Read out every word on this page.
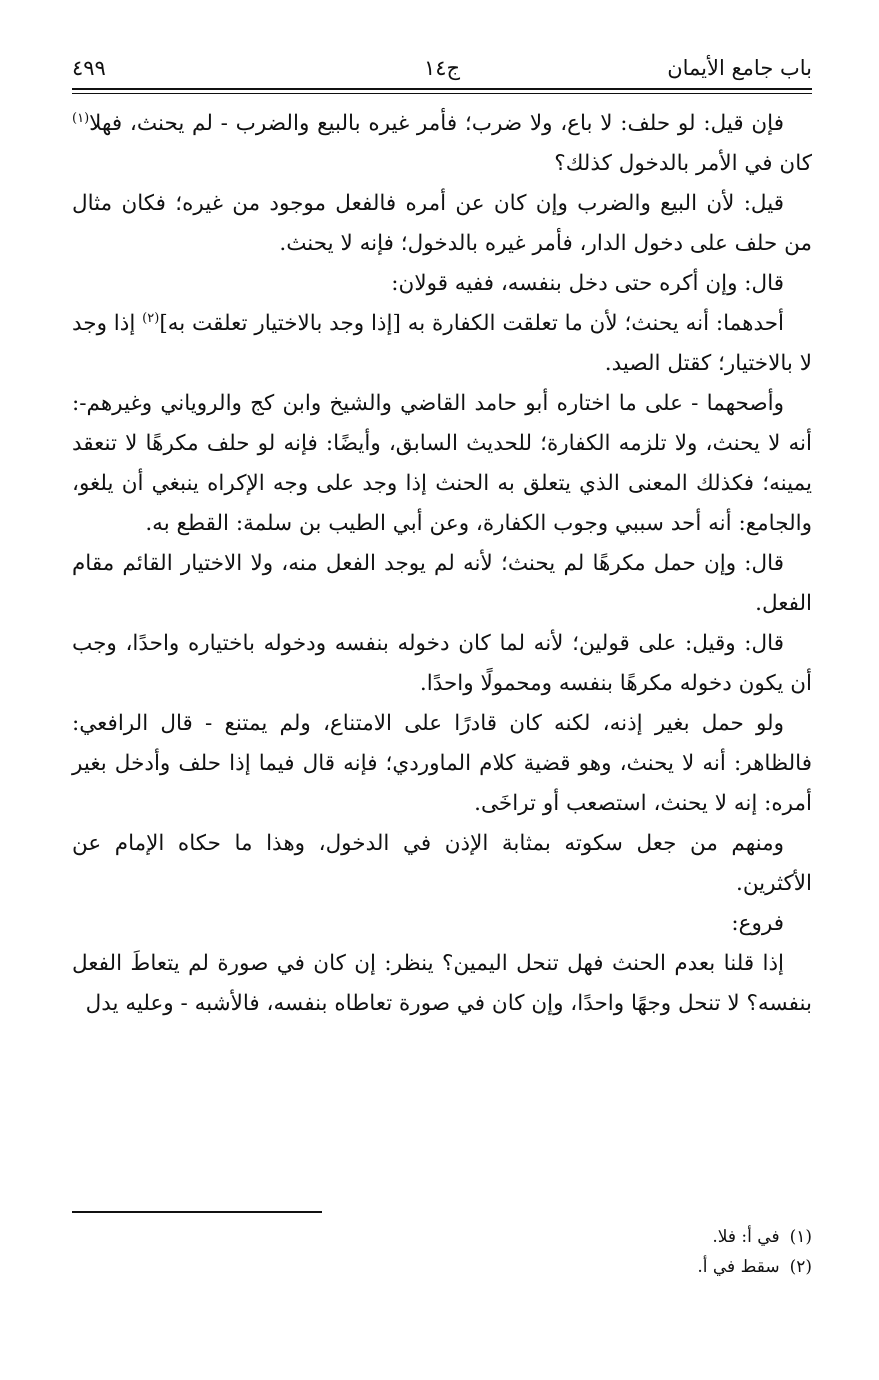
باب جامع الأيمان
ج١٤
٤٩٩

فإن قيل: لو حلف: لا باع، ولا ضرب؛ فأمر غيره بالبيع والضرب - لم يحنث، فهلا$^{(١)}$ كان في الأمر بالدخول كذلك؟

قيل: لأن البيع والضرب وإن كان عن أمره فالفعل موجود من غيره؛ فكان مثال من حلف على دخول الدار، فأمر غيره بالدخول؛ فإنه لا يحنث.

قال: وإن أكره حتى دخل بنفسه، ففيه قولان:

أحدهما: أنه يحنث؛ لأن ما تعلقت الكفارة به [إذا وجد بالاختيار تعلقت به]$^{(٢)}$ إذا وجد لا بالاختيار؛ كقتل الصيد.

وأصحهما - على ما اختاره أبو حامد القاضي والشيخ وابن كج والروياني وغيرهم-: أنه لا يحنث، ولا تلزمه الكفارة؛ للحديث السابق، وأيضًا: فإنه لو حلف مكرهًا لا تنعقد يمينه؛ فكذلك المعنى الذي يتعلق به الحنث إذا وجد على وجه الإكراه ينبغي أن يلغو، والجامع: أنه أحد سببي وجوب الكفارة، وعن أبي الطيب بن سلمة: القطع به.

قال: وإن حمل مكرهًا لم يحنث؛ لأنه لم يوجد الفعل منه، ولا الاختيار القائم مقام الفعل.

قال: وقيل: على قولين؛ لأنه لما كان دخوله بنفسه ودخوله باختياره واحدًا، وجب أن يكون دخوله مكرهًا بنفسه ومحمولًا واحدًا.

ولو حمل بغير إذنه، لكنه كان قادرًا على الامتناع، ولم يمتنع - قال الرافعي: فالظاهر: أنه لا يحنث، وهو قضية كلام الماوردي؛ فإنه قال فيما إذا حلف وأدخل بغير أمره: إنه لا يحنث، استصعب أو تراخَى.

ومنهم من جعل سكوته بمثابة الإذن في الدخول، وهذا ما حكاه الإمام عن الأكثرين.

فروع:

إذا قلنا بعدم الحنث فهل تنحل اليمين؟ ينظر: إن كان في صورة لم يتعاطَ الفعل بنفسه؟ لا تنحل وجهًا واحدًا، وإن كان في صورة تعاطاه بنفسه، فالأشبه - وعليه يدل

(١)في أ: فلا.

(٢)سقط في أ.
